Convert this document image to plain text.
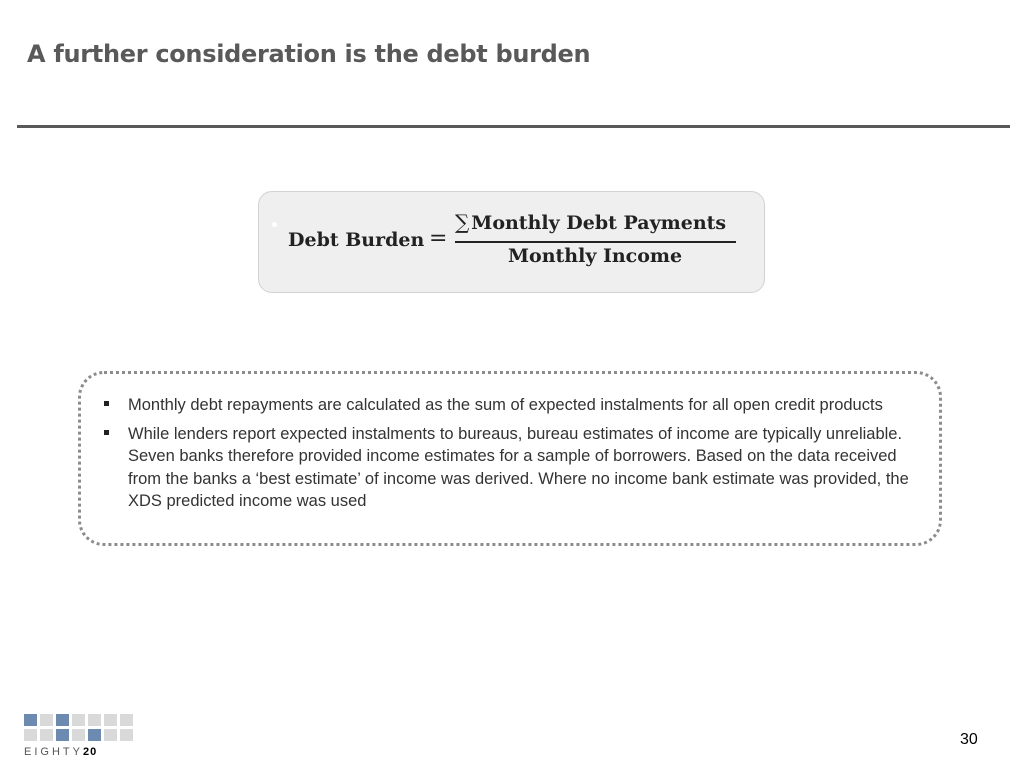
A further consideration is the debt burden
Debt Burden =
∑ Monthly Debt Payments
Monthly Income
Monthly debt repayments are calculated as the sum of expected instalments for all open credit products
While lenders report expected instalments to bureaus, bureau estimates of income are typically unreliable. Seven banks therefore provided income estimates for a sample of borrowers. Based on the data received from the banks a ‘best estimate’ of income was derived. Where no income bank estimate was provided, the XDS predicted income was used
EIGHTY20
30
